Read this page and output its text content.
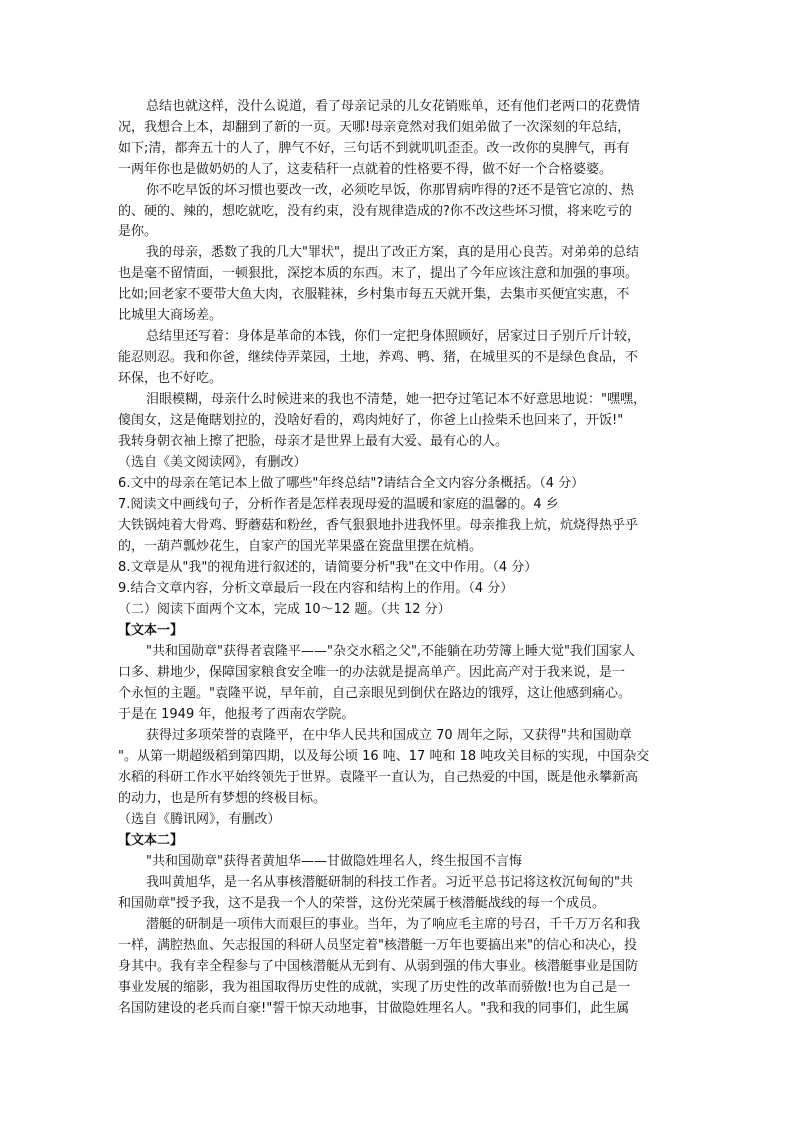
总结也就这样，没什么说道，看了母亲记录的儿女花销账单，还有他们老两口的花费情
况，我想合上本，却翻到了新的一页。天哪!母亲竟然对我们姐弟做了一次深刻的年总结，
如下;清，都奔五十的人了，脾气不好，三句话不到就叽叽歪歪。改一改你的臭脾气，再有
一两年你也是做奶奶的人了，这麦秸秆一点就着的性格要不得，做不好一个合格婆婆。
你不吃早饭的坏习惯也要改一改，必须吃早饭，你那胃病咋得的?还不是管它凉的、热
的、硬的、辣的，想吃就吃，没有约束，没有规律造成的?你不改这些坏习惯，将来吃亏的
是你。
我的母亲，悉数了我的几大"罪状"，提出了改正方案，真的是用心良苦。对弟弟的总结
也是毫不留情面，一顿狠批，深挖本质的东西。末了，提出了今年应该注意和加强的事项。
比如;回老家不要带大鱼大肉，衣服鞋袜，乡村集市每五天就开集，去集市买便宜实惠，不
比城里大商场差。
总结里还写着：身体是革命的本钱，你们一定把身体照顾好，居家过日子别斤斤计较，
能忍则忍。我和你爸，继续侍弄菜园，土地，养鸡、鸭、猪，在城里买的不是绿色食品，不
环保，也不好吃。
泪眼模糊，母亲什么时候进来的我也不清楚，她一把夺过笔记本不好意思地说："嘿嘿，
傻闺女，这是俺瞎划拉的，没啥好看的，鸡肉炖好了，你爸上山捡柴禾也回来了，开饭!"
我转身朝衣袖上擦了把脸，母亲才是世界上最有大爱、最有心的人。
（选自《美文阅读网》，有删改）
6.文中的母亲在笔记本上做了哪些"年终总结"?请结合全文内容分条概括。（4 分）
7.阅读文中画线句子，分析作者是怎样表现母爱的温暖和家庭的温馨的。4 乡
大铁锅炖着大骨鸡、野蘑菇和粉丝，香气狠狠地扑进我怀里。母亲推我上炕，炕烧得热乎乎
的，一葫芦瓢炒花生，自家产的国光苹果盛在瓷盘里摆在炕梢。
8.文章是从"我"的视角进行叙述的，请简要分析"我"在文中作用。（4 分）
9.结合文章内容，分析文章最后一段在内容和结构上的作用。（4 分）
（二）阅读下面两个文本，完成 10～12 题。（共 12 分）
【文本一】
"共和国勋章"获得者袁隆平——"杂交水稻之父",不能躺在功劳簿上睡大觉"我们国家人
口多、耕地少，保障国家粮食安全唯一的办法就是提高单产。因此高产对于我来说，是一
个永恒的主题。"袁隆平说，早年前，自己亲眼见到倒伏在路边的饿殍，这让他感到痛心。
于是在 1949 年，他报考了西南农学院。
获得过多项荣誉的袁隆平，在中华人民共和国成立 70 周年之际，又获得"共和国勋章
"。从第一期超级稻到第四期，以及每公顷 16 吨、17 吨和 18 吨攻关目标的实现，中国杂交
水稻的科研工作水平始终领先于世界。袁隆平一直认为，自己热爱的中国，既是他永攀新高
的动力，也是所有梦想的终极目标。
（选自《腾讯网》，有删改）
【文本二】
"共和国勋章"获得者黄旭华——甘做隐姓埋名人，终生报国不言悔
我叫黄旭华，是一名从事核潜艇研制的科技工作者。习近平总书记将这枚沉甸甸的"共
和国勋章"授予我，这不是我一个人的荣誉，这份光荣属于核潜艇战线的每一个成员。
潜艇的研制是一项伟大而艰巨的事业。当年，为了响应毛主席的号召，千千万万名和我
一样，满腔热血、矢志报国的科研人员坚定着"核潜艇一万年也要搞出来"的信心和决心，投
身其中。我有幸全程参与了中国核潜艇从无到有、从弱到强的伟大事业。核潜艇事业是国防
事业发展的缩影，我为祖国取得历史性的成就，实现了历史性的改革而骄傲!也为自己是一
名国防建设的老兵而自豪!"誓干惊天动地事，甘做隐姓埋名人。"我和我的同事们，此生属
